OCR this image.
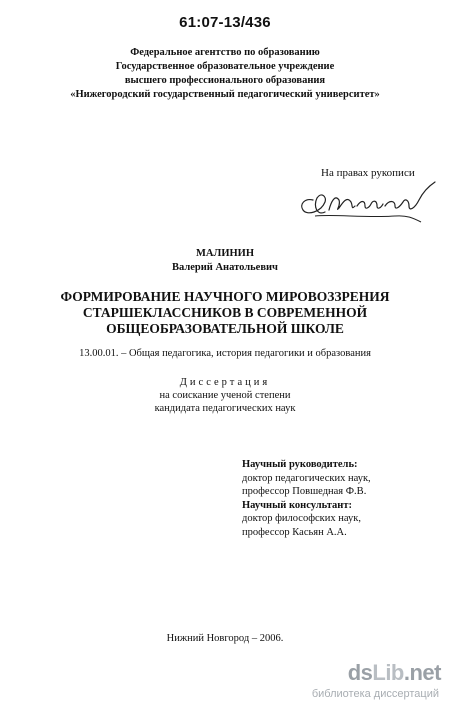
61:07-13/436
Федеральное агентство по образованию
Государственное образовательное учреждение
высшего профессионального образования
«Нижегородский государственный педагогический университет»
На правах рукописи
МАЛИНИН
Валерий Анатольевич
ФОРМИРОВАНИЕ НАУЧНОГО МИРОВОЗЗРЕНИЯ
СТАРШЕКЛАССНИКОВ В СОВРЕМЕННОЙ
ОБЩЕОБРАЗОВАТЕЛЬНОЙ ШКОЛЕ
13.00.01. – Общая педагогика, история педагогики и образования
Диссертация
на соискание ученой степени
кандидата педагогических наук
Научный руководитель:
доктор педагогических наук,
профессор Повшедная Ф.В.
Научный консультант:
доктор философских наук,
профессор Касьян А.А.
Нижний Новгород – 2006.
dsLib.net
библиотека диссертаций
